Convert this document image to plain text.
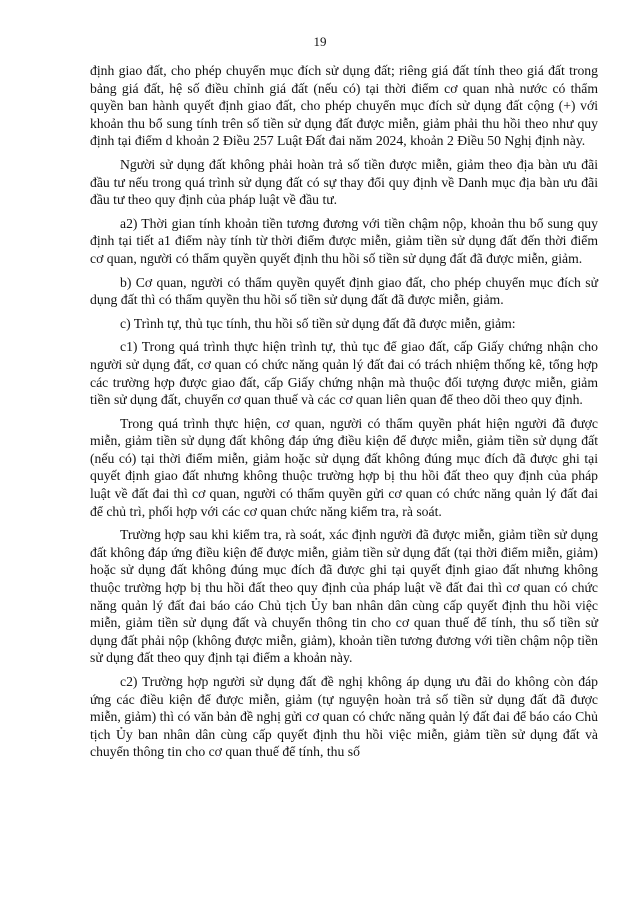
19

định giao đất, cho phép chuyển mục đích sử dụng đất; riêng giá đất tính theo giá đất trong bảng giá đất, hệ số điều chỉnh giá đất (nếu có) tại thời điểm cơ quan nhà nước có thẩm quyền ban hành quyết định giao đất, cho phép chuyển mục đích sử dụng đất cộng (+) với khoản thu bổ sung tính trên số tiền sử dụng đất được miễn, giảm phải thu hồi theo như quy định tại điểm d khoản 2 Điều 257 Luật Đất đai năm 2024, khoản 2 Điều 50 Nghị định này.

Người sử dụng đất không phải hoàn trả số tiền được miễn, giảm theo địa bàn ưu đãi đầu tư nếu trong quá trình sử dụng đất có sự thay đổi quy định về Danh mục địa bàn ưu đãi đầu tư theo quy định của pháp luật về đầu tư.

a2) Thời gian tính khoản tiền tương đương với tiền chậm nộp, khoản thu bổ sung quy định tại tiết a1 điểm này tính từ thời điểm được miễn, giảm tiền sử dụng đất đến thời điểm cơ quan, người có thẩm quyền quyết định thu hồi số tiền sử dụng đất đã được miễn, giảm.

b) Cơ quan, người có thẩm quyền quyết định giao đất, cho phép chuyển mục đích sử dụng đất thì có thẩm quyền thu hồi số tiền sử dụng đất đã được miễn, giảm.

c) Trình tự, thủ tục tính, thu hồi số tiền sử dụng đất đã được miễn, giảm:

c1) Trong quá trình thực hiện trình tự, thủ tục để giao đất, cấp Giấy chứng nhận cho người sử dụng đất, cơ quan có chức năng quản lý đất đai có trách nhiệm thống kê, tổng hợp các trường hợp được giao đất, cấp Giấy chứng nhận mà thuộc đối tượng được miễn, giảm tiền sử dụng đất, chuyển cơ quan thuế và các cơ quan liên quan để theo dõi theo quy định.

Trong quá trình thực hiện, cơ quan, người có thẩm quyền phát hiện người đã được miễn, giảm tiền sử dụng đất không đáp ứng điều kiện để được miễn, giảm tiền sử dụng đất (nếu có) tại thời điểm miễn, giảm hoặc sử dụng đất không đúng mục đích đã được ghi tại quyết định giao đất nhưng không thuộc trường hợp bị thu hồi đất theo quy định của pháp luật về đất đai thì cơ quan, người có thẩm quyền gửi cơ quan có chức năng quản lý đất đai để chủ trì, phối hợp với các cơ quan chức năng kiểm tra, rà soát.

Trường hợp sau khi kiểm tra, rà soát, xác định người đã được miễn, giảm tiền sử dụng đất không đáp ứng điều kiện để được miễn, giảm tiền sử dụng đất (tại thời điểm miễn, giảm) hoặc sử dụng đất không đúng mục đích đã được ghi tại quyết định giao đất nhưng không thuộc trường hợp bị thu hồi đất theo quy định của pháp luật về đất đai thì cơ quan có chức năng quản lý đất đai báo cáo Chủ tịch Ủy ban nhân dân cùng cấp quyết định thu hồi việc miễn, giảm tiền sử dụng đất và chuyển thông tin cho cơ quan thuế để tính, thu số tiền sử dụng đất phải nộp (không được miễn, giảm), khoản tiền tương đương với tiền chậm nộp tiền sử dụng đất theo quy định tại điểm a khoản này.

c2) Trường hợp người sử dụng đất đề nghị không áp dụng ưu đãi do không còn đáp ứng các điều kiện để được miễn, giảm (tự nguyện hoàn trả số tiền sử dụng đất đã được miễn, giảm) thì có văn bản đề nghị gửi cơ quan có chức năng quản lý đất đai để báo cáo Chủ tịch Ủy ban nhân dân cùng cấp quyết định thu hồi việc miễn, giảm tiền sử dụng đất và chuyển thông tin cho cơ quan thuế để tính, thu số
